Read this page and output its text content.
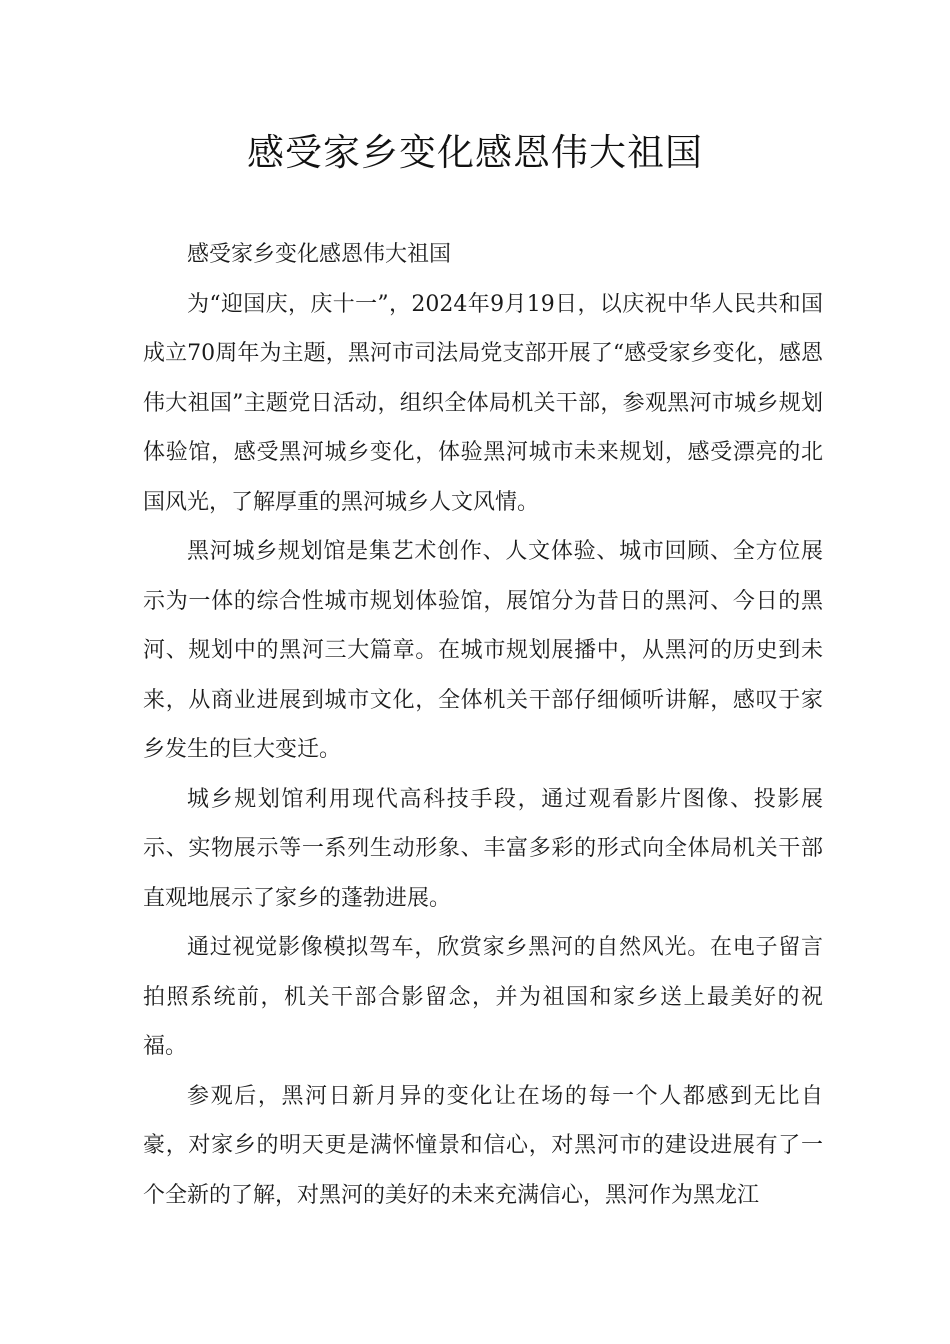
感受家乡变化感恩伟大祖国

感受家乡变化感恩伟大祖国

为“迎国庆，庆十一”，2024年9月19日，以庆祝中华人民共和国成立70周年为主题，黑河市司法局党支部开展了“感受家乡变化，感恩伟大祖国”主题党日活动，组织全体局机关干部，参观黑河市城乡规划体验馆，感受黑河城乡变化，体验黑河城市未来规划，感受漂亮的北国风光，了解厚重的黑河城乡人文风情。

黑河城乡规划馆是集艺术创作、人文体验、城市回顾、全方位展示为一体的综合性城市规划体验馆，展馆分为昔日的黑河、今日的黑河、规划中的黑河三大篇章。在城市规划展播中，从黑河的历史到未来，从商业进展到城市文化，全体机关干部仔细倾听讲解，感叹于家乡发生的巨大变迁。

城乡规划馆利用现代高科技手段，通过观看影片图像、投影展示、实物展示等一系列生动形象、丰富多彩的形式向全体局机关干部直观地展示了家乡的蓬勃进展。

通过视觉影像模拟驾车，欣赏家乡黑河的自然风光。在电子留言拍照系统前，机关干部合影留念，并为祖国和家乡送上最美好的祝福。

参观后，黑河日新月异的变化让在场的每一个人都感到无比自豪，对家乡的明天更是满怀憧景和信心，对黑河市的建设进展有了一个全新的了解，对黑河的美好的未来充满信心，黑河作为黑龙江
